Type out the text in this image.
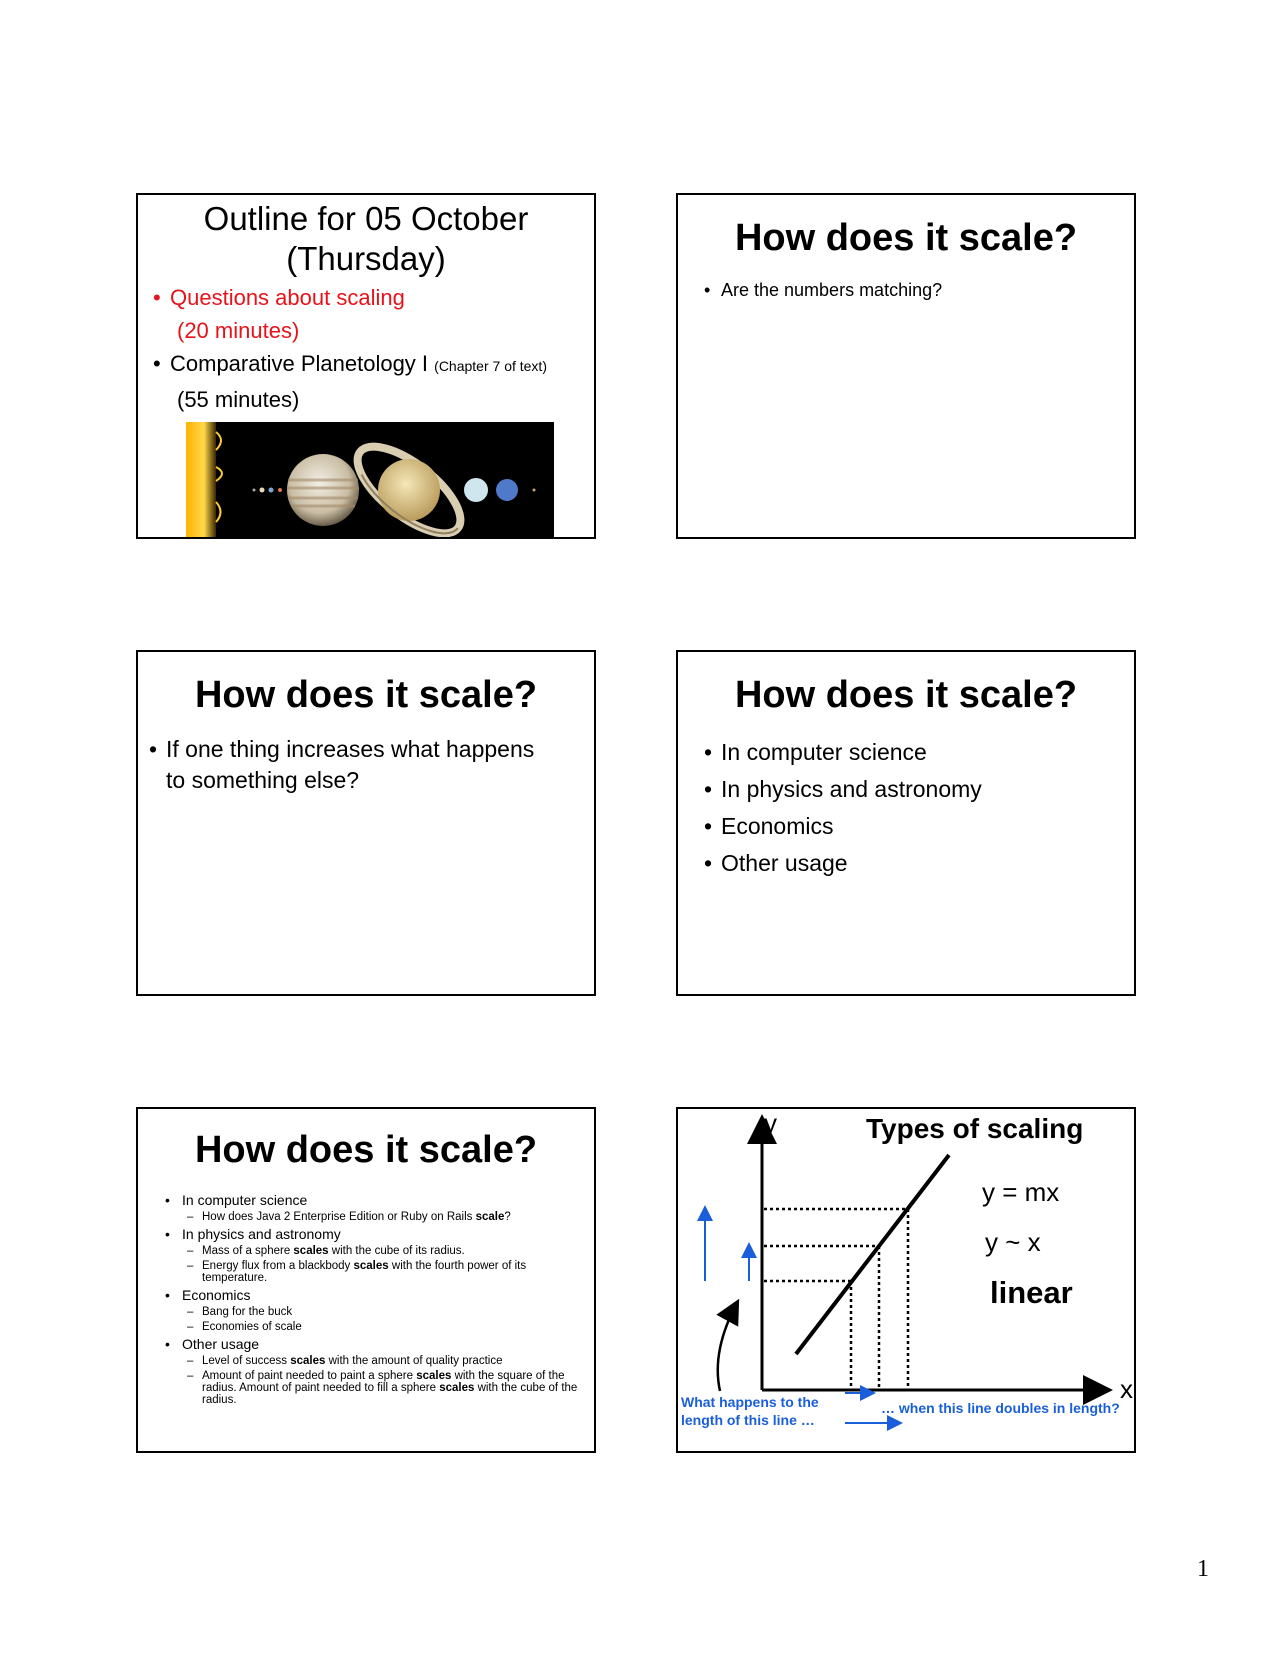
Outline for 05 October
(Thursday)
• Questions about scaling
(20 minutes)
• Comparative Planetology I (Chapter 7 of text)
(55 minutes)
How does it scale?
• Are the numbers matching?
How does it scale?
• If one thing increases what happens
to something else?
How does it scale?
• In computer science
• In physics and astronomy
• Economics
• Other usage
How does it scale?
• In computer science
– How does Java 2 Enterprise Edition or Ruby on Rails scale?
• In physics and astronomy
– Mass of a sphere scales with the cube of its radius.
– Energy flux from a blackbody scales with the fourth power of its temperature.
• Economics
– Bang for the buck
– Economies of scale
• Other usage
– Level of success scales with the amount of quality practice
– Amount of paint needed to paint a sphere scales with the square of the radius. Amount of paint needed to fill a sphere scales with the cube of the radius.
y
x
Types of scaling
y = mx
y ~ x
linear
What happens to the length of this line …
… when this line doubles in length?
1
